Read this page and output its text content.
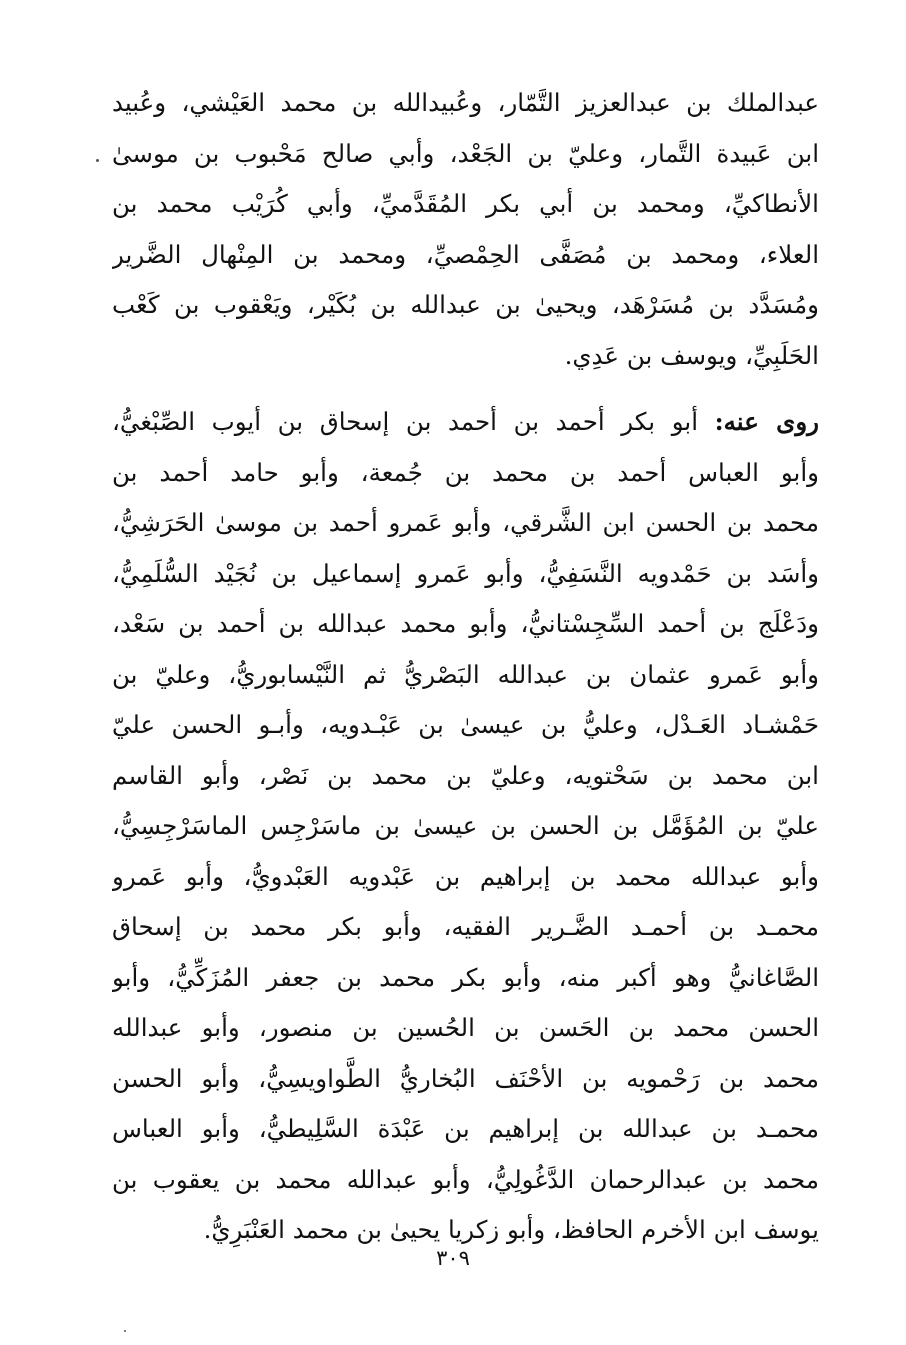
عبدالملك بن عبدالعزيز التَّمّار، وعُبيدالله بن محمد العَيْشي، وعُبيد
ابن عَبيدة التَّمار، وعليّ بن الجَعْد، وأبي صالح مَحْبوب بن موسىٰ
الأنطاكيِّ، ومحمد بن أبي بكر المُقَدَّميِّ، وأبي كُرَيْب محمد بن
العلاء، ومحمد بن مُصَفَّى الحِمْصيِّ، ومحمد بن المِنْهال الضَّرير
ومُسَدَّد بن مُسَرْهَد، ويحيىٰ بن عبدالله بن بُكَيْر، ويَعْقوب بن كَعْب
الحَلَبِيِّ، ويوسف بن عَدِي.
روى عنه: أبو بكر أحمد بن أحمد بن إسحاق بن أيوب الصِّبْغيُّ،
وأبو العباس أحمد بن محمد بن جُمعة، وأبو حامد أحمد بن
محمد بن الحسن ابن الشَّرقي، وأبو عَمرو أحمد بن موسىٰ الحَرَشِيُّ،
وأسَد بن حَمْدويه النَّسَفِيُّ، وأبو عَمرو إسماعيل بن نُجَيْد السُّلَمِيُّ،
ودَعْلَج بن أحمد السِّجِسْتانيُّ، وأبو محمد عبدالله بن أحمد بن سَعْد،
وأبو عَمرو عثمان بن عبدالله البَصْريُّ ثم النَّيْسابوريُّ، وعليّ بن
حَمْشـاد العَـدْل، وعليُّ بن عيسىٰ بن عَبْـدويه، وأبـو الحسن عليّ
ابن محمد بن سَحْتويه، وعليّ بن محمد بن نَصْر، وأبو القاسم
عليّ بن المُؤَمَّل بن الحسن بن عيسىٰ بن ماسَرْجِس الماسَرْجِسِيُّ،
وأبو عبدالله محمد بن إبراهيم بن عَبْدويه العَبْدويُّ، وأبو عَمرو
محمـد بن أحمـد الضَّـرير الفقيه، وأبو بكر محمد بن إسحاق
الصَّاغانيُّ وهو أكبر منه، وأبو بكر محمد بن جعفر المُزَكِّيُّ، وأبو
الحسن محمد بن الحَسن بن الحُسين بن منصور، وأبو عبدالله
محمد بن رَحْمويه بن الأحْنَف البُخاريُّ الطَّواويسِيُّ، وأبو الحسن
محمـد بن عبدالله بن إبراهيم بن عَبْدَة السَّلِيطيُّ، وأبو العباس
محمد بن عبدالرحمان الدَّغُولِيُّ، وأبو عبدالله محمد بن يعقوب بن
يوسف ابن الأخرم الحافظ، وأبو زكريا يحيىٰ بن محمد العَنْبَرِيُّ.
٣٠٩
